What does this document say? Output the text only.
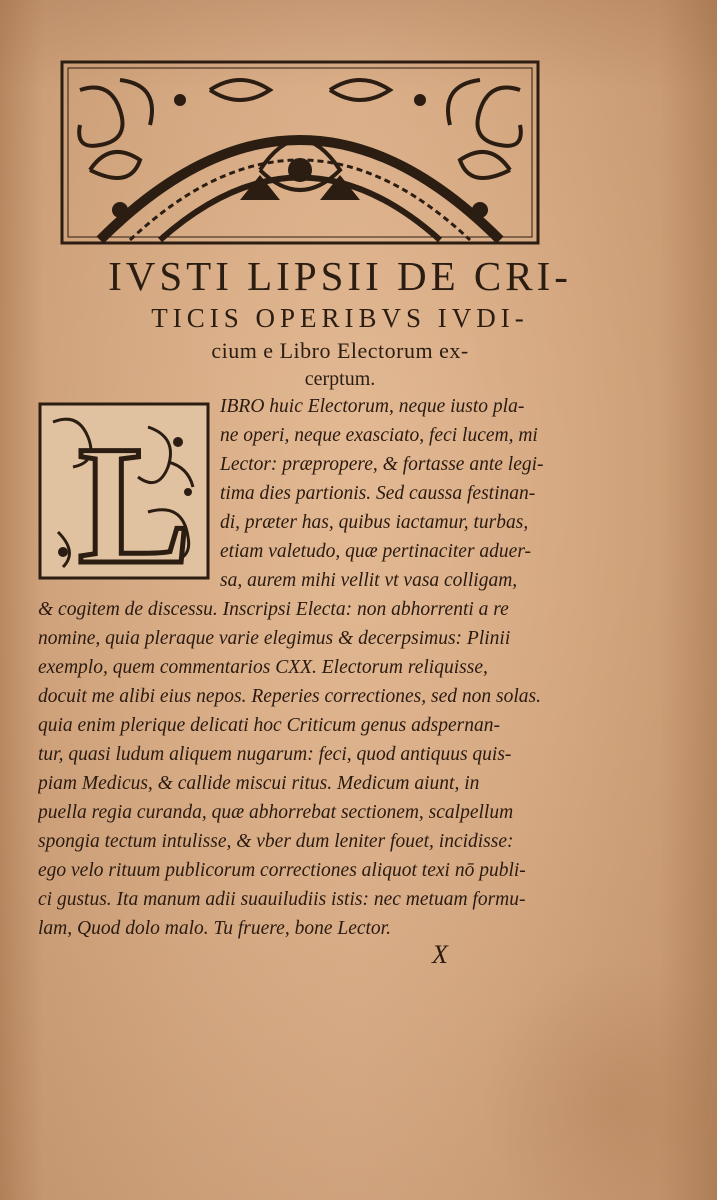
IVSTI LIPSII DE CRI-
TICIS OPERIBVS IVDI-
cium e Libro Electorum ex-
cerptum.
L
IBRO huic Electorum, neque iusto pla-
ne operi, neque exasciato, feci lucem, mi
Lector: præpropere, & fortasse ante legi-
tima dies partionis. Sed caussa festinan-
di, præter has, quibus iactamur, turbas,
etiam valetudo, quæ pertinaciter aduer-
sa, aurem mihi vellit vt vasa colligam,
& cogitem de discessu. Inscripsi Electa: non abhorrenti a re
nomine, quia pleraque varie elegimus & decerpsimus: Plinii
exemplo, quem commentarios CXX. Electorum reliquisse,
docuit me alibi eius nepos. Reperies correctiones, sed non solas.
quia enim plerique delicati hoc Criticum genus adspernan-
tur, quasi ludum aliquem nugarum: feci, quod antiquus quis-
piam Medicus, & callide miscui ritus. Medicum aiunt, in
puella regia curanda, quæ abhorrebat sectionem, scalpellum
spongia tectum intulisse, & vber dum leniter fouet, incidisse:
ego velo rituum publicorum correctiones aliquot texi nō publi-
ci gustus. Ita manum adii suauiludiis istis: nec metuam formu-
lam, Quod dolo malo. Tu fruere, bone Lector.
X
